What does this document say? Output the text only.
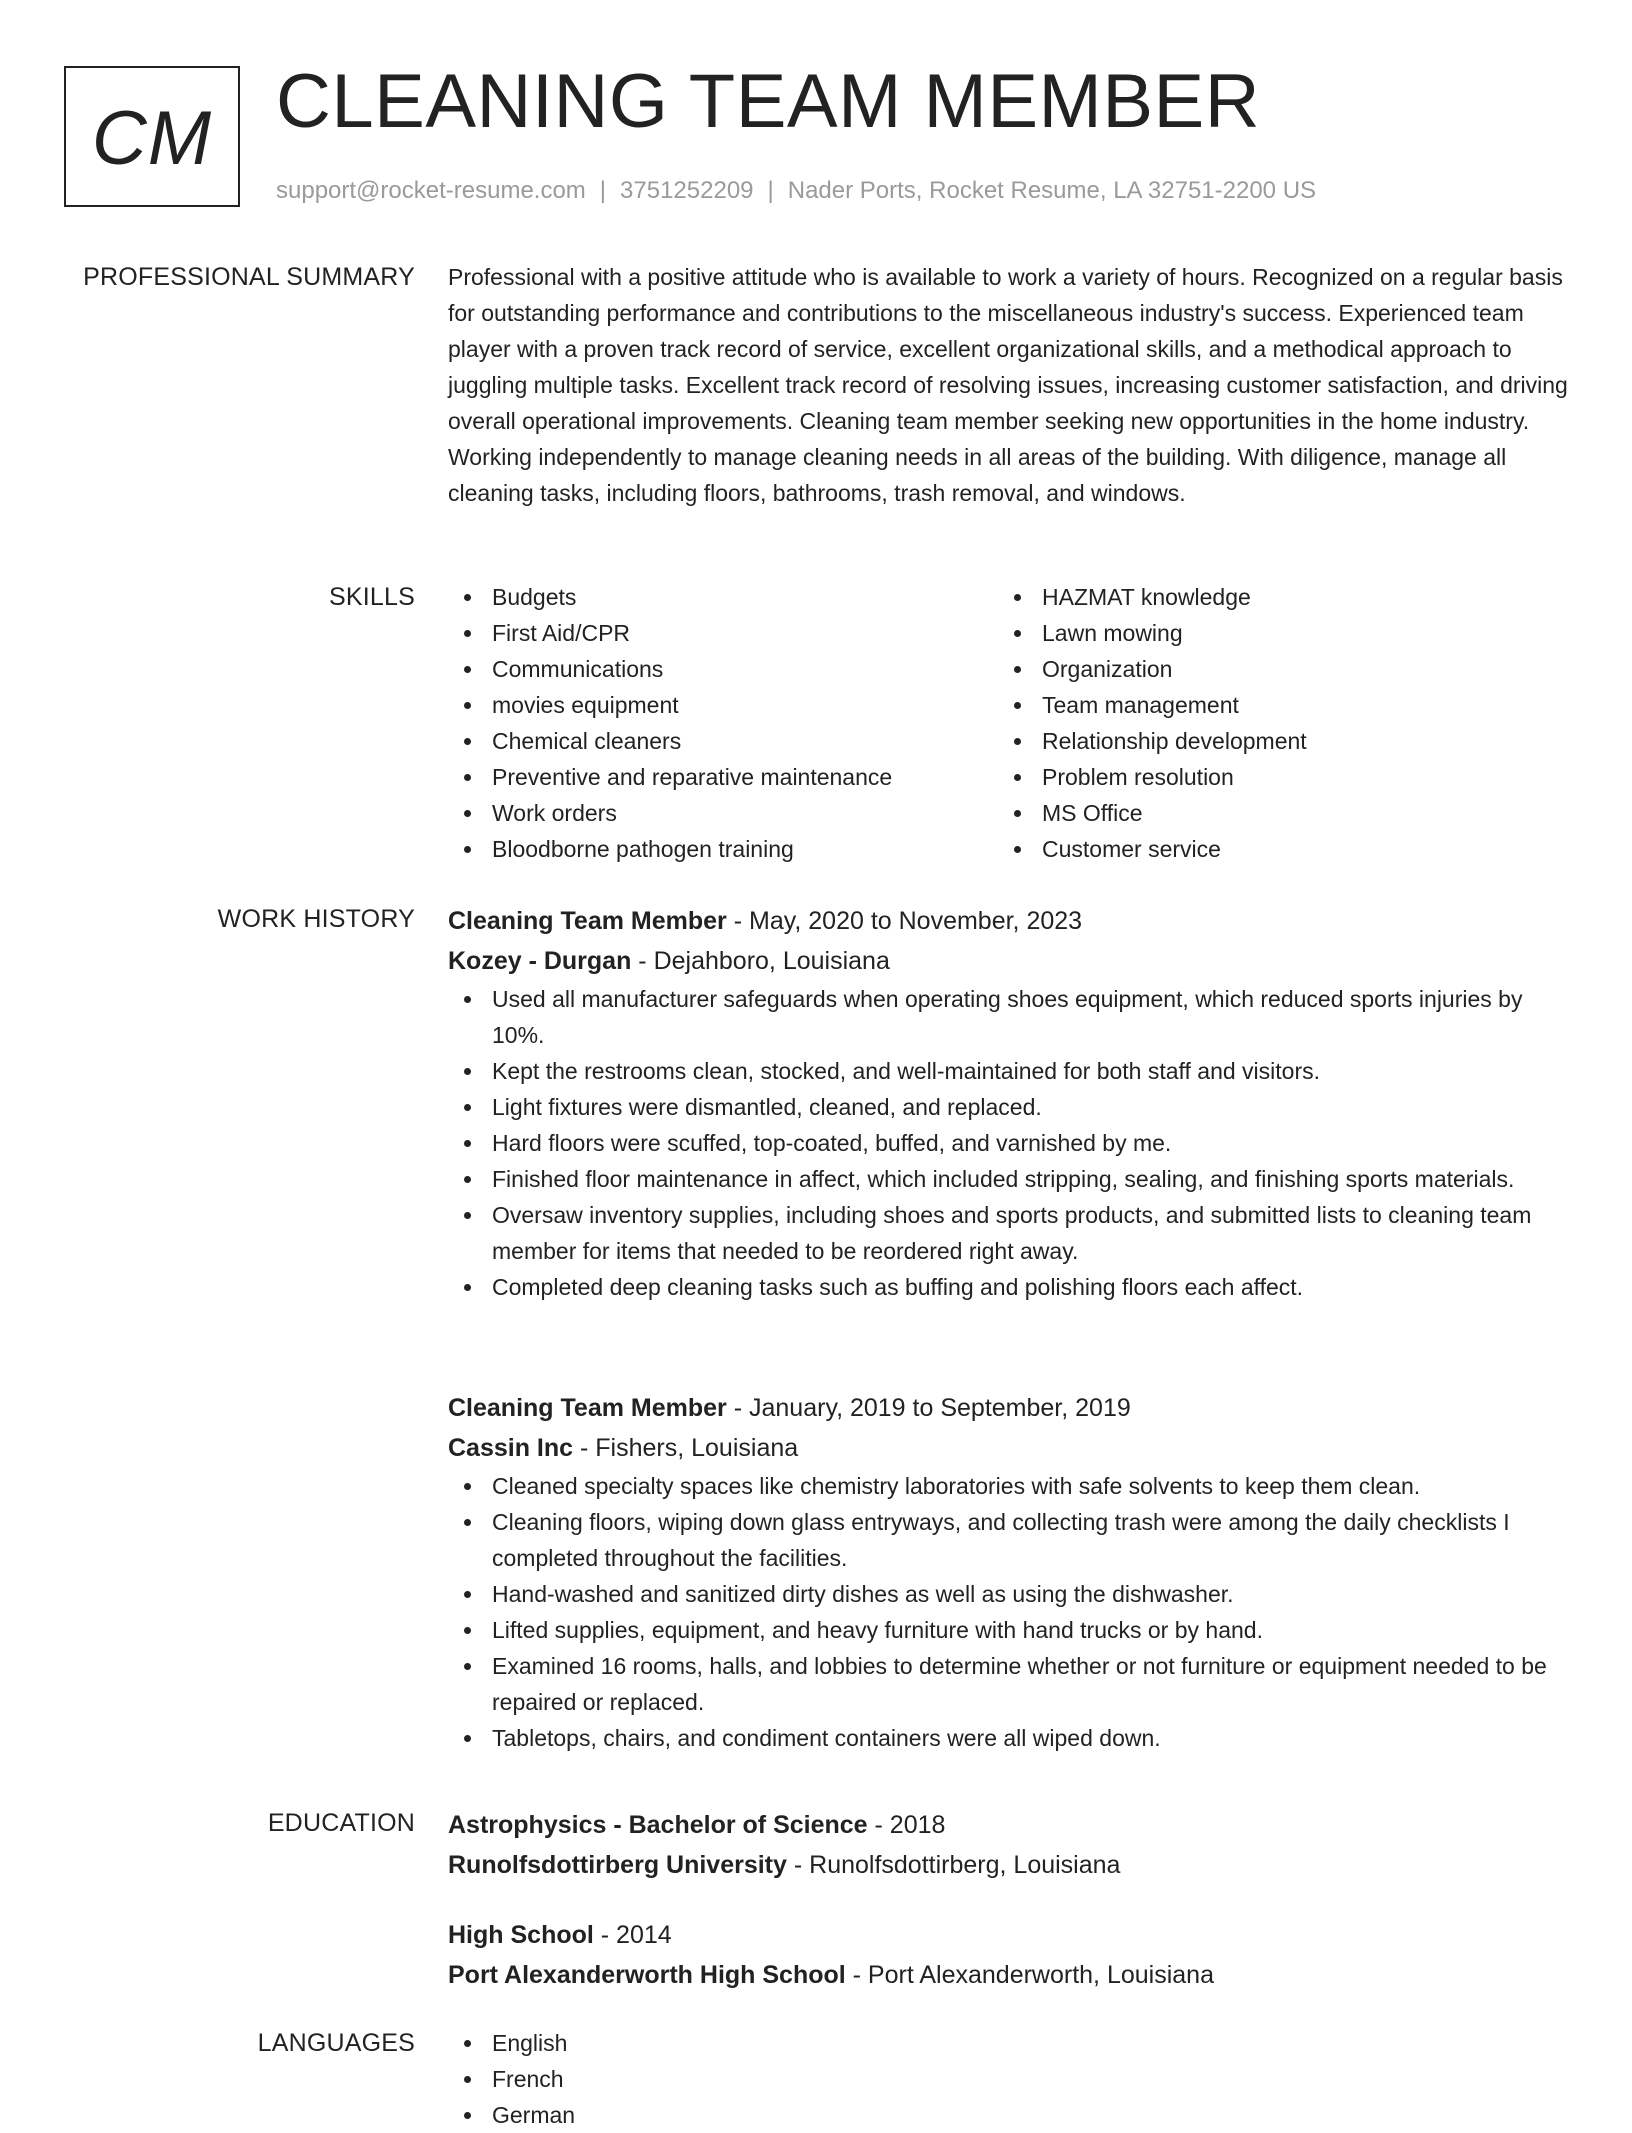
CM CLEANING TEAM MEMBER
support@rocket-resume.com | 3751252209 | Nader Ports, Rocket Resume, LA 32751-2200 US
PROFESSIONAL SUMMARY Professional with a positive attitude who is available to work a variety of hours. Recognized on a regular basis for outstanding performance and contributions to the miscellaneous industry's success. Experienced team player with a proven track record of service, excellent organizational skills, and a methodical approach to juggling multiple tasks. Excellent track record of resolving issues, increasing customer satisfaction, and driving overall operational improvements. Cleaning team member seeking new opportunities in the home industry. Working independently to manage cleaning needs in all areas of the building. With diligence, manage all cleaning tasks, including floors, bathrooms, trash removal, and windows.

SKILLS	Budgets
First Aid/CPR
Communications
movies equipment
Chemical cleaners
Preventive and reparative maintenance
Work orders
Bloodborne pathogen training
HAZMAT knowledge
Lawn mowing
Organization
Team management
Relationship development
Problem resolution
MS Office
Customer service
WORK HISTORY Cleaning Team Member - May, 2020 to November, 2023
Kozey - Durgan - Dejahboro, Louisiana
Used all manufacturer safeguards when operating shoes equipment, which reduced sports injuries by 10%.
Kept the restrooms clean, stocked, and well-maintained for both staff and visitors.
Light fixtures were dismantled, cleaned, and replaced.
Hard floors were scuffed, top-coated, buffed, and varnished by me.
Finished floor maintenance in affect, which included stripping, sealing, and finishing sports materials.
Oversaw inventory supplies, including shoes and sports products, and submitted lists to cleaning team member for items that needed to be reordered right away.
Completed deep cleaning tasks such as buffing and polishing floors each affect.
Cleaning Team Member - January, 2019 to September, 2019
Cassin Inc - Fishers, Louisiana
Cleaned specialty spaces like chemistry laboratories with safe solvents to keep them clean.
Cleaning floors, wiping down glass entryways, and collecting trash were among the daily checklists I completed throughout the facilities.
Hand-washed and sanitized dirty dishes as well as using the dishwasher.
Lifted supplies, equipment, and heavy furniture with hand trucks or by hand.
Examined 16 rooms, halls, and lobbies to determine whether or not furniture or equipment needed to be repaired or replaced.
Tabletops, chairs, and condiment containers were all wiped down.
EDUCATION Astrophysics - Bachelor of Science - 2018
Runolfsdottirberg University - Runolfsdottirberg, Louisiana
High School - 2014
Port Alexanderworth High School - Port Alexanderworth, Louisiana
LANGUAGES	English
French
German
